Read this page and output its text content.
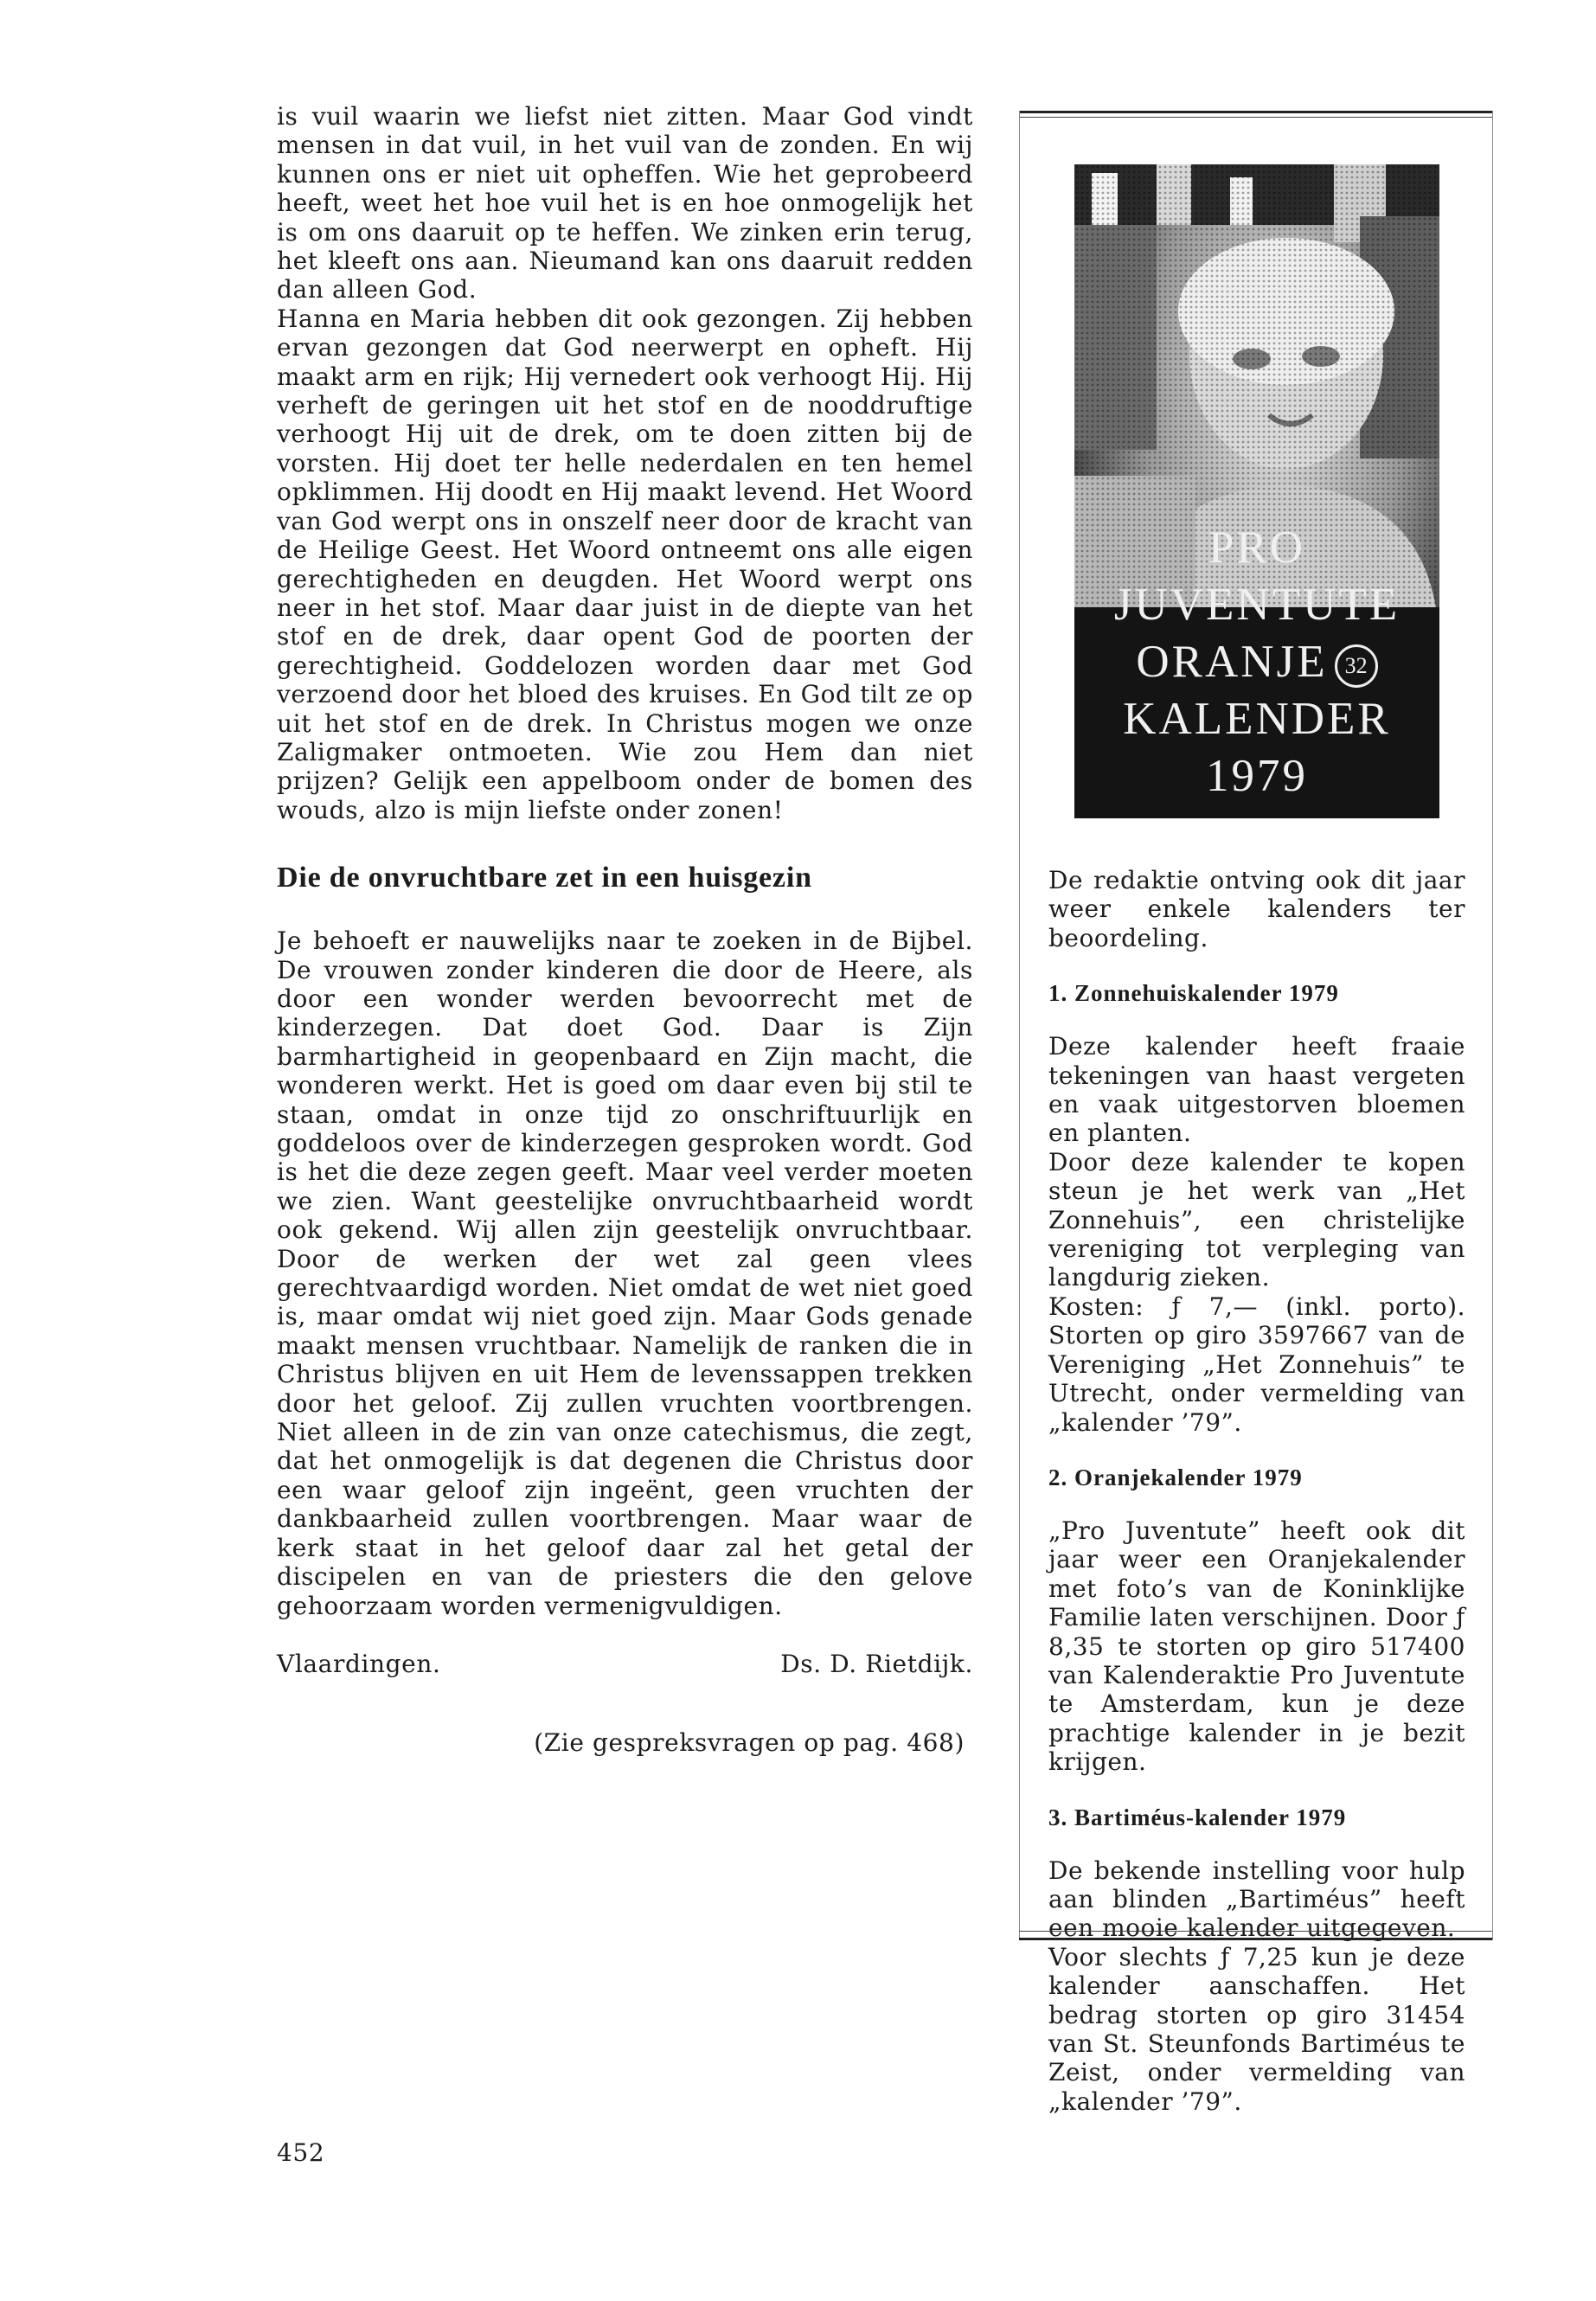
is vuil waarin we liefst niet zitten. Maar God vindt mensen in dat vuil, in het vuil van de zonden. En wij kunnen ons er niet uit opheffen. Wie het geprobeerd heeft, weet het hoe vuil het is en hoe onmogelijk het is om ons daaruit op te heffen. We zinken erin terug, het kleeft ons aan. Nieumand kan ons daaruit redden dan alleen God.

Hanna en Maria hebben dit ook gezongen. Zij hebben ervan gezongen dat God neerwerpt en opheft. Hij maakt arm en rijk; Hij vernedert ook verhoogt Hij. Hij verheft de geringen uit het stof en de nooddruftige verhoogt Hij uit de drek, om te doen zitten bij de vorsten. Hij doet ter helle nederdalen en ten hemel opklimmen. Hij doodt en Hij maakt levend. Het Woord van God werpt ons in onszelf neer door de kracht van de Heilige Geest. Het Woord ontneemt ons alle eigen gerechtigheden en deugden. Het Woord werpt ons neer in het stof. Maar daar juist in de diepte van het stof en de drek, daar opent God de poorten der gerechtigheid. Goddelozen worden daar met God verzoend door het bloed des kruises. En God tilt ze op uit het stof en de drek. In Christus mogen we onze Zaligmaker ontmoeten. Wie zou Hem dan niet prijzen? Gelijk een appelboom onder de bomen des wouds, alzo is mijn liefste onder zonen!

Die de onvruchtbare zet in een huisgezin

Je behoeft er nauwelijks naar te zoeken in de Bijbel. De vrouwen zonder kinderen die door de Heere, als door een wonder werden bevoorrecht met de kinderzegen. Dat doet God. Daar is Zijn barmhartigheid in geopenbaard en Zijn macht, die wonderen werkt. Het is goed om daar even bij stil te staan, omdat in onze tijd zo onschriftuurlijk en goddeloos over de kinderzegen gesproken wordt. God is het die deze zegen geeft. Maar veel verder moeten we zien. Want geestelijke onvruchtbaarheid wordt ook gekend. Wij allen zijn geestelijk onvruchtbaar. Door de werken der wet zal geen vlees gerechtvaardigd worden. Niet omdat de wet niet goed is, maar omdat wij niet goed zijn. Maar Gods genade maakt mensen vruchtbaar. Namelijk de ranken die in Christus blijven en uit Hem de levenssappen trekken door het geloof. Zij zullen vruchten voortbrengen. Niet alleen in de zin van onze catechismus, die zegt, dat het onmogelijk is dat degenen die Christus door een waar geloof zijn ingeënt, geen vruchten der dankbaarheid zullen voortbrengen. Maar waar de kerk staat in het geloof daar zal het getal der discipelen en van de priesters die den gelove gehoorzaam worden vermenigvuldigen.

Vlaardingen.	Ds. D. Rietdijk.
(Zie gespreksvragen op pag. 468)
452
PRO JUVENTUTE
ORANJE 32
KALENDER 1979

De redaktie ontving ook dit jaar weer enkele kalenders ter beoordeling.

1. Zonnehuiskalender 1979

Deze kalender heeft fraaie tekeningen van haast vergeten en vaak uitgestorven bloemen en planten.

Door deze kalender te kopen steun je het werk van „Het Zonnehuis”, een christelijke vereniging tot verpleging van langdurig zieken.

Kosten: ƒ 7,— (inkl. porto). Storten op giro 3597667 van de Vereniging „Het Zonnehuis” te Utrecht, onder vermelding van „kalender ’79”.

2. Oranjekalender 1979

„Pro Juventute” heeft ook dit jaar weer een Oranjekalender met foto’s van de Koninklijke Familie laten verschijnen. Door ƒ 8,35 te storten op giro 517400 van Kalenderaktie Pro Juventute te Amsterdam, kun je deze prachtige kalender in je bezit krijgen.

3. Bartiméus-kalender 1979

De bekende instelling voor hulp aan blinden „Bartiméus” heeft een mooie kalender uitgegeven.

Voor slechts ƒ 7,25 kun je deze kalender aanschaffen. Het bedrag storten op giro 31454 van St. Steunfonds Bartiméus te Zeist, onder vermelding van „kalender ’79”.
